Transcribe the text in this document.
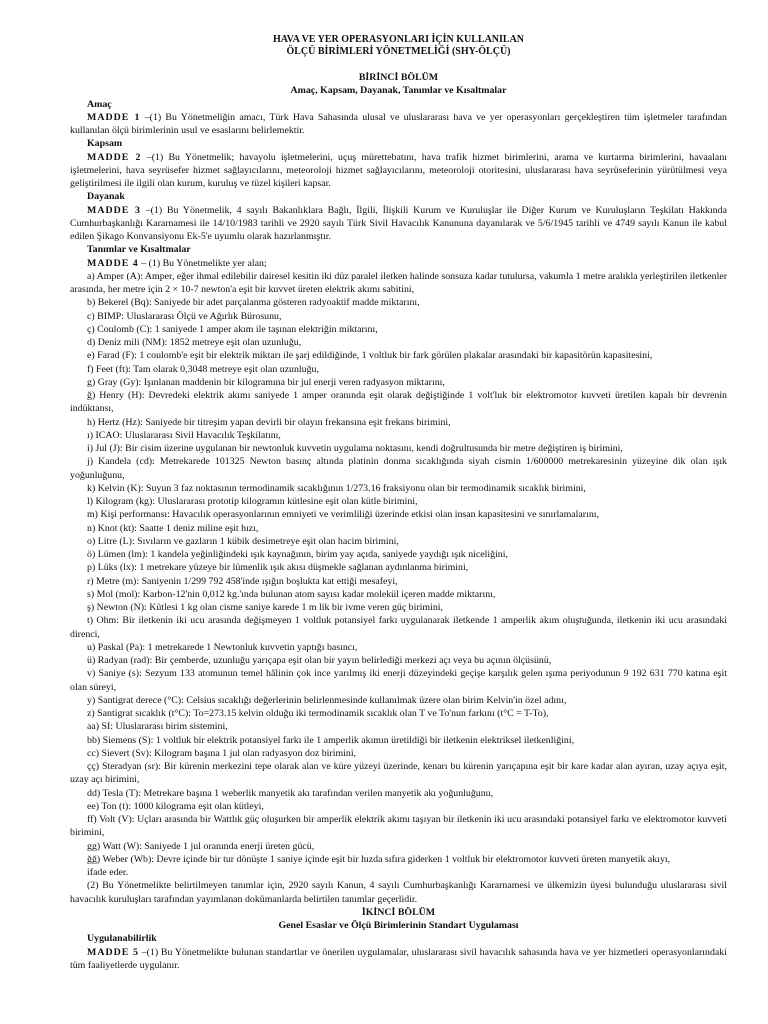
HAVA VE YER OPERASYONLARI İÇİN KULLANILAN
ÖLÇÜ BİRİMLERİ YÖNETMELİĞİ (SHY-ÖLÇÜ)
BİRİNCİ BÖLÜM
Amaç, Kapsam, Dayanak, Tanımlar ve Kısaltmalar
Amaç

MADDE 1 –(1) Bu Yönetmeliğin amacı, Türk Hava Sahasında ulusal ve uluslararası hava ve yer operasyonları gerçekleştiren tüm işletmeler tarafından kullanılan ölçü birimlerinin usul ve esaslarını belirlemektir.

Kapsam

MADDE 2 –(1) Bu Yönetmelik; havayolu işletmelerini, uçuş mürettebatını, hava trafik hizmet birimlerini, arama ve kurtarma birimlerini, havaalanı işletmelerini, hava seyrüsefer hizmet sağlayıcılarını, meteoroloji hizmet sağlayıcılarını, meteoroloji otoritesini, uluslararası hava seyrüseferinin yürütülmesi veya geliştirilmesi ile ilgili olan kurum, kuruluş ve tüzel kişileri kapsar.

Dayanak

MADDE 3 –(1) Bu Yönetmelik, 4 sayılı Bakanlıklara Bağlı, İlgili, İlişkili Kurum ve Kuruluşlar ile Diğer Kurum ve Kuruluşların Teşkilatı Hakkında Cumhurbaşkanlığı Kararnamesi ile 14/10/1983 tarihli ve 2920 sayılı Türk Sivil Havacılık Kanununa dayanılarak ve 5/6/1945 tarihli ve 4749 sayılı Kanun ile kabul edilen Şikago Konvansiyonu Ek-5'e uyumlu olarak hazırlanmıştır.

Tanımlar ve Kısaltmalar

MADDE 4 – (1) Bu Yönetmelikte yer alan;

a) Amper (A): Amper, eğer ihmal edilebilir dairesel kesitin iki düz paralel iletken halinde sonsuza kadar tutulursa, vakumla 1 metre aralıkla yerleştirilen iletkenler arasında, her metre için 2 × 10-7 newton'a eşit bir kuvvet üreten elektrik akımı sabitini,

b) Bekerel (Bq): Saniyede bir adet parçalanma gösteren radyoaktif madde miktarını,

c) BIMP: Uluslararası Ölçü ve Ağırlık Bürosunu,

ç) Coulomb (C): 1 saniyede 1 amper akım ile taşınan elektriğin miktarını,

d) Deniz mili (NM): 1852 metreye eşit olan uzunluğu,

e) Farad (F): 1 coulomb'e eşit bir elektrik miktarı ile şarj edildiğinde, 1 voltluk bir fark görülen plakalar arasındaki bir kapasitörün kapasitesini,

f) Feet (ft): Tam olarak 0,3048 metreye eşit olan uzunluğu,

g) Gray (Gy): Işınlanan maddenin bir kilogramına bir jul enerji veren radyasyon miktarını,

ğ) Henry (H): Devredeki elektrik akımı saniyede 1 amper oranında eşit olarak değiştiğinde 1 volt'luk bir elektromotor kuvveti üretilen kapalı bir devrenin indüktansı,

h) Hertz (Hz): Saniyede bir titreşim yapan devirli bir olayın frekansına eşit frekans birimini,

ı) ICAO: Uluslararası Sivil Havacılık Teşkilatını,

i) Jul (J): Bir cisim üzerine uygulanan bir newtonluk kuvvetin uygulama noktasını, kendi doğrultusunda bir metre değiştiren iş birimini,

j) Kandela (cd): Metrekarede 101325 Newton basınç altında platinin donma sıcaklığında siyah cismin 1/600000 metrekaresinin yüzeyine dik olan ışık yoğunluğunu,

k) Kelvin (K): Suyun 3 faz noktasının termodinamik sıcaklığının 1/273.16 fraksiyonu olan bir termodinamik sıcaklık birimini,

l) Kilogram (kg): Uluslararası prototip kilogramın kütlesine eşit olan kütle birimini,

m) Kişi performansı: Havacılık operasyonlarının emniyeti ve verimliliği üzerinde etkisi olan insan kapasitesini ve sınırlamalarını,

n) Knot (kt): Saatte 1 deniz miline eşit hızı,

o) Litre (L): Sıvıların ve gazların 1 kübik desimetreye eşit olan hacim birimini,

ö) Lümen (lm): 1 kandela yeğinliğindeki ışık kaynağının, birim yay açıda, saniyede yaydığı ışık niceliğini,

p) Lüks (lx): 1 metrekare yüzeye bir lümenlik ışık akısı düşmekle sağlanan aydınlanma birimini,

r) Metre (m): Saniyenin 1/299 792 458'inde ışığın boşlukta kat ettiği mesafeyi,

s) Mol (mol): Karbon-12'nin 0,012 kg.'ında bulunan atom sayısı kadar molekül içeren madde miktarını,

ş) Newton (N): Kütlesi 1 kg olan cisme saniye karede 1 m lik bir ivme veren güç birimini,

t) Ohm: Bir iletkenin iki ucu arasında değişmeyen 1 voltluk potansiyel farkı uygulanarak iletkende 1 amperlik akım oluştuğunda, iletkenin iki ucu arasındaki direnci,

u) Paskal (Pa): 1 metrekarede 1 Newtonluk kuvvetin yaptığı basıncı,

ü) Radyan (rad): Bir çemberde, uzunluğu yarıçapa eşit olan bir yayın belirlediği merkezi açı veya bu açının ölçüsünü,

v) Saniye (s): Sezyum 133 atomunun temel hâlinin çok ince yarılmış iki enerji düzeyindeki geçişe karşılık gelen ışıma periyodunun 9 192 631 770 katına eşit olan süreyi,

y) Santigrat derece (°C): Celsius sıcaklığı değerlerinin belirlenmesinde kullanılmak üzere olan birim Kelvin'in özel adını,

z) Santigrat sıcaklık (t°C): To=273.15 kelvin olduğu iki termodinamik sıcaklık olan T ve To'nun farkını (t°C = T-To),

aa) SI: Uluslararası birim sistemini,

bb) Siemens (S): 1 voltluk bir elektrik potansiyel farkı ile 1 amperlik akımın üretildiği bir iletkenin elektriksel iletkenliğini,

cc) Sievert (Sv): Kilogram başına 1 jul olan radyasyon doz birimini,

çç) Steradyan (sr): Bir kürenin merkezini tepe olarak alan ve küre yüzeyi üzerinde, kenarı bu kürenin yarıçapına eşit bir kare kadar alan ayıran, uzay açıya eşit, uzay açı birimini,

dd) Tesla (T): Metrekare başına 1 weberlik manyetik akı tarafından verilen manyetik akı yoğunluğunu,

ee) Ton (t): 1000 kilograma eşit olan kütleyi,

ff) Volt (V): Uçları arasında bir Wattlık güç oluşurken bir amperlik elektrik akımı taşıyan bir iletkenin iki ucu arasındaki potansiyel farkı ve elektromotor kuvveti birimini,

gg) Watt (W): Saniyede 1 jul oranında enerji üreten gücü,

ğğ) Weber (Wb): Devre içinde bir tur dönüşte 1 saniye içinde eşit bir hızda sıfıra giderken 1 voltluk bir elektromotor kuvveti üreten manyetik akıyı,

ifade eder.

(2) Bu Yönetmelikte belirtilmeyen tanımlar için, 2920 sayılı Kanun, 4 sayılı Cumhurbaşkanlığı Kararnamesi ve ülkemizin üyesi bulunduğu uluslararası sivil havacılık kuruluşları tarafından yayımlanan dokümanlarda belirtilen tanımlar geçerlidir.

İKİNCİ BÖLÜM
Genel Esaslar ve Ölçü Birimlerinin Standart Uygulaması
Uygulanabilirlik

MADDE 5 –(1) Bu Yönetmelikte bulunan standartlar ve önerilen uygulamalar, uluslararası sivil havacılık sahasında hava ve yer hizmetleri operasyonlarındaki tüm faaliyetlerde uygulanır.
